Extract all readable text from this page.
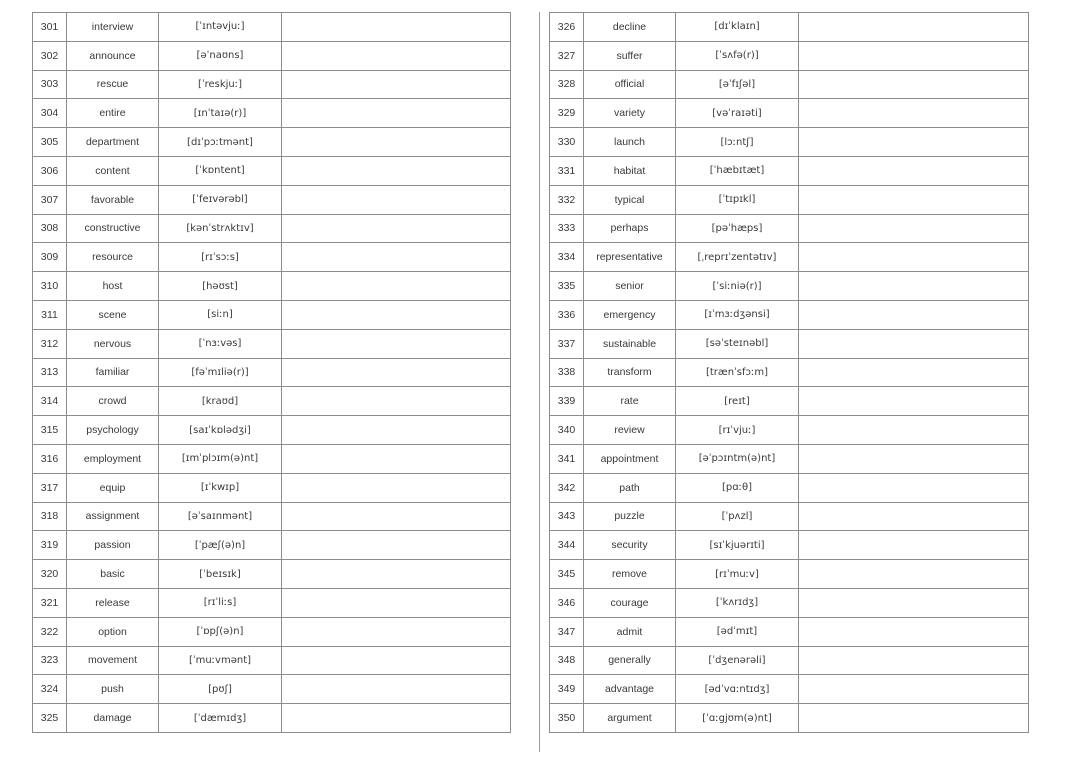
301	interview	[ˈɪntəvjuː]	
302	announce	[əˈnaʊns]	
303	rescue	[ˈreskjuː]	
304	entire	[ɪnˈtaɪə(r)]	
305	department	[dɪˈpɔːtmənt]	
306	content	[ˈkɒntent]	
307	favorable	[ˈfeɪvərəbl]	
308	constructive	[kənˈstrʌktɪv]	
309	resource	[rɪˈsɔːs]	
310	host	[həʊst]	
311	scene	[siːn]	
312	nervous	[ˈnɜːvəs]	
313	familiar	[fəˈmɪliə(r)]	
314	crowd	[kraʊd]	
315	psychology	[saɪˈkɒlədʒi]	
316	employment	[ɪmˈplɔɪm(ə)nt]	
317	equip	[ɪˈkwɪp]	
318	assignment	[əˈsaɪnmənt]	
319	passion	[ˈpæʃ(ə)n]	
320	basic	[ˈbeɪsɪk]	
321	release	[rɪˈliːs]	
322	option	[ˈɒpʃ(ə)n]	
323	movement	[ˈmuːvmənt]	
324	push	[pʊʃ]	
325	damage	[ˈdæmɪdʒ]	
326	decline	[dɪˈklaɪn]	
327	suffer	[ˈsʌfə(r)]	
328	official	[əˈfɪʃəl]	
329	variety	[vəˈraɪəti]	
330	launch	[lɔːntʃ]	
331	habitat	[ˈhæbɪtæt]	
332	typical	[ˈtɪpɪkl]	
333	perhaps	[pəˈhæps]	
334	representative	[ˌreprɪˈzentətɪv]	
335	senior	[ˈsiːniə(r)]	
336	emergency	[ɪˈmɜːdʒənsi]	
337	sustainable	[səˈsteɪnəbl]	
338	transform	[trænˈsfɔːm]	
339	rate	[reɪt]	
340	review	[rɪˈvjuː]	
341	appointment	[əˈpɔɪntm(ə)nt]	
342	path	[pɑːθ]	
343	puzzle	[ˈpʌzl]	
344	security	[sɪˈkjuərɪti]	
345	remove	[rɪˈmuːv]	
346	courage	[ˈkʌrɪdʒ]	
347	admit	[ədˈmɪt]	
348	generally	[ˈdʒenərəli]	
349	advantage	[ədˈvɑːntɪdʒ]	
350	argument	[ˈɑːgjʊm(ə)nt]	
